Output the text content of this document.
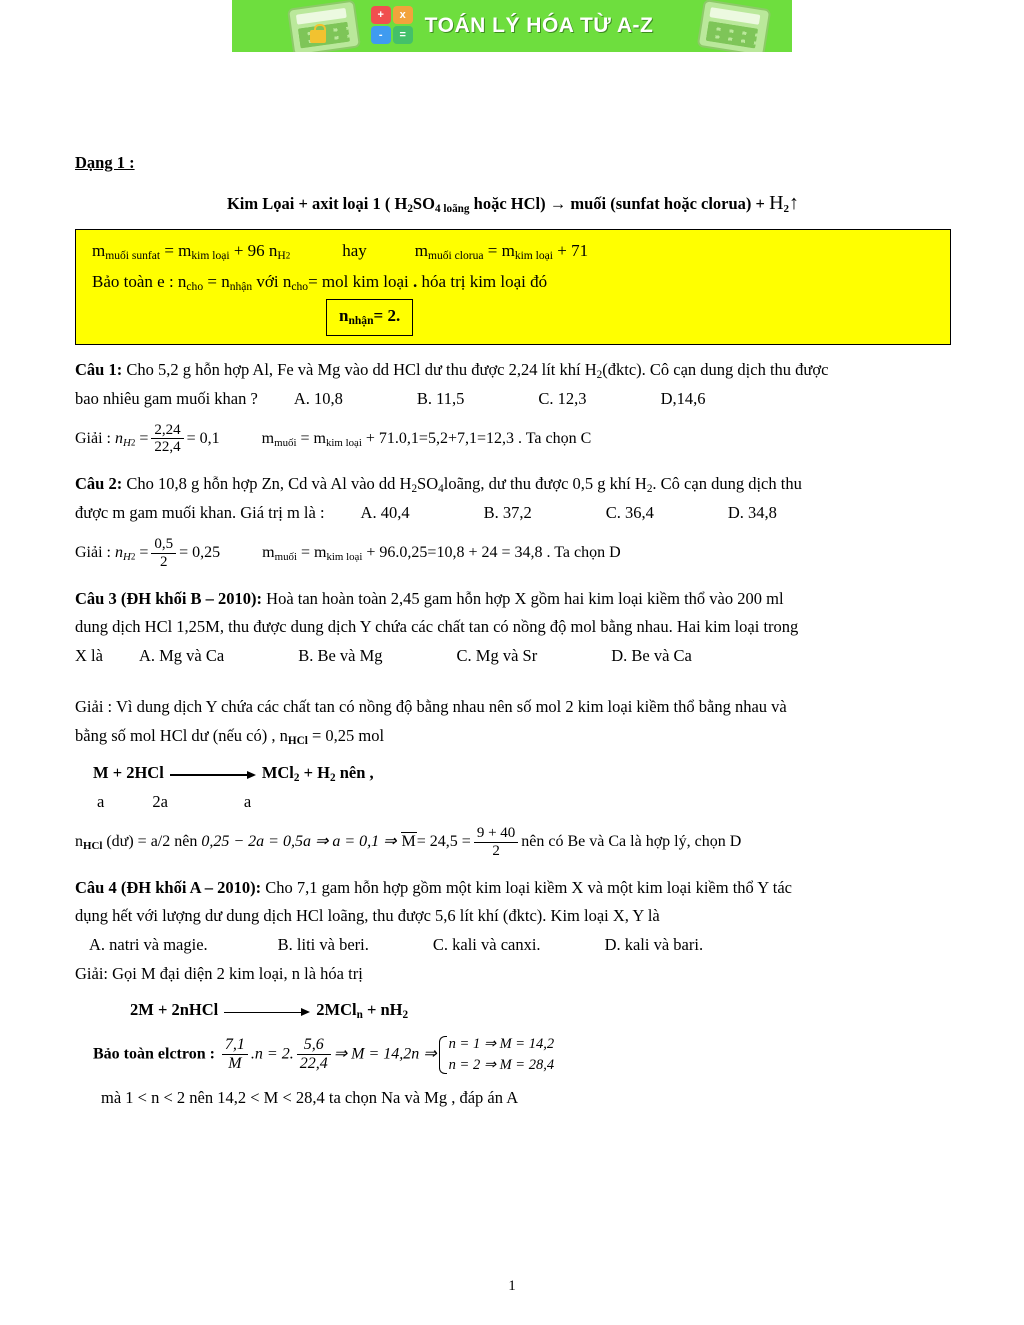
+	x
-	= TOÁN LÝ HÓA TỪ A-Z
Dạng 1 :
Kim Lọai + axit loại 1 ( $H_2SO_{4 loãng}$ hoặc HCl) → muối (sunfat hoặc clorua) + $H_2↑$
$m_{muối sunfat} = m_{kim loại} + 96$ $n_{H2}$	hay	$m_{muối clorua} = m_{kim loại} + 71$
Bảo toàn e : $n_{cho} = n_{nhận}$ với $n_{cho}=$ mol kim loại . hóa trị kim loại đó
$n_{nhận}= 2$.
Câu 1: Cho 5,2 g hỗn hợp Al, Fe và Mg vào dd HCl dư thu được 2,24 lít khí $H_2(đktc)$. Cô cạn dung dịch thu được
bao nhiêu gam muối khan ? A. 10,8	B. 11,5	C. 12,3	D,14,6
Giải : $n_{H2} = \frac{2,24}{22,4} = 0,1$	$m_{muối} = m_{kim loại} + 71.0,1=5,2+7,1=12,3$ . Ta chọn C
Câu 2: Cho 10,8 g hỗn hợp Zn, Cd và Al vào dd $H_2SO_4loãng$, dư thu được 0,5 g khí $H_2$. Cô cạn dung dịch thu
được m gam muối khan. Giá trị m là : A. 40,4	B. 37,2	C. 36,4	D. 34,8
Giải : $n_{H2} = \frac{0,5}{2} = 0,25$	$m_{muối} = m_{kim loại} + 96.0,25=10,8 + 24 = 34,8$ . Ta chọn D
Câu 3 (ĐH khối B – 2010): Hoà tan hoàn toàn 2,45 gam hỗn hợp X gồm hai kim loại kiềm thổ vào 200 ml
dung dịch HCl 1,25M, thu được dung dịch Y chứa các chất tan có nồng độ mol bằng nhau. Hai kim loại trong
X là A. Mg và Ca	B. Be và Mg	C. Mg và Sr	D. Be và Ca
Giải : Vì dung dịch Y chứa các chất tan có nồng độ bằng nhau nên số mol 2 kim loại kiềm thổ bằng nhau và
bằng số mol HCl dư (nếu có) , $n_{HCl} = 0,25$ mol
M + 2HCl	$MCl_2 + H_2$ nên ,
a	2a	a
$n_{HCl}$ (dư) = a/2 nên 0,25 − 2a = 0,5a ⇒ a = 0,1 ⇒ $M= 24,5 = \frac{9 + 40}{2}$ nên có Be và Ca là hợp lý, chọn D
Câu 4 (ĐH khối A – 2010): Cho 7,1 gam hỗn hợp gồm một kim loại kiềm X và một kim loại kiềm thổ Y tác
dụng hết với lượng dư dung dịch HCl loãng, thu được 5,6 lít khí (đktc). Kim loại X, Y là
A. natri và magie.	B. liti và beri.	C. kali và canxi.	D. kali và bari.
Giải: Gọi M đại diện 2 kim loại, n là hóa trị
2M + 2nHCl	$2MCl_n + nH_2$
Bảo toàn elctron : $\frac{7,1}{M} .n = 2$. $\frac{5,6}{22,4}$ ⇒ M = 14,2n ⇒
n = 1 ⇒ M = 14,2
n = 2 ⇒ M = 28,4
mà 1 < n < 2 nên 14,2 < M < 28,4 ta chọn Na và Mg , đáp án A
1
